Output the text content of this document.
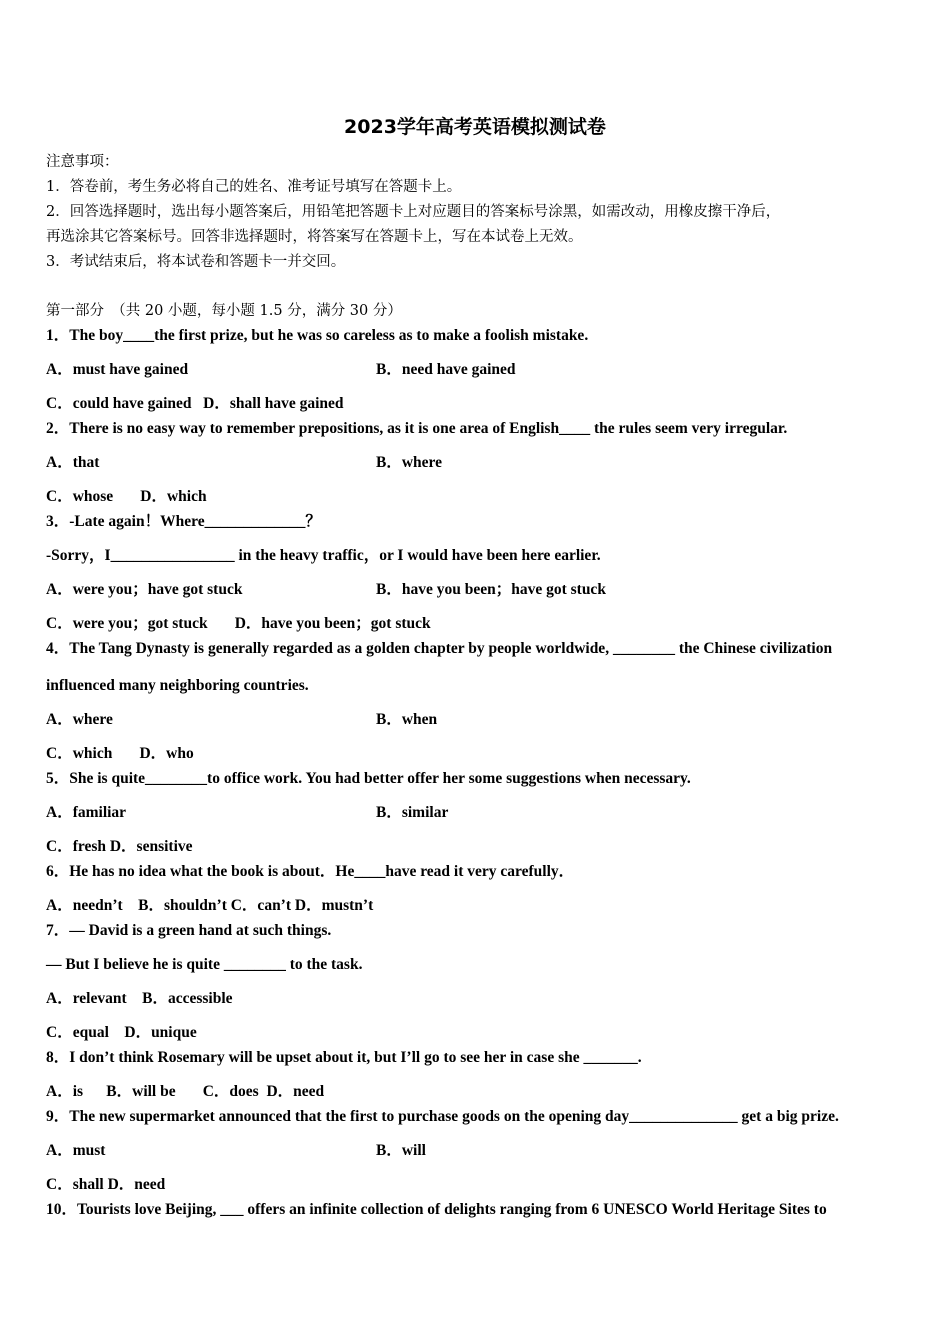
2023学年高考英语模拟测试卷
注意事项：
1．答卷前，考生务必将自己的姓名、准考证号填写在答题卡上。
2．回答选择题时，选出每小题答案后，用铅笔把答题卡上对应题目的答案标号涂黑，如需改动，用橡皮擦干净后，
再选涂其它答案标号。回答非选择题时，将答案写在答题卡上，写在本试卷上无效。
3．考试结束后，将本试卷和答题卡一并交回。
第一部分　（共 20 小题，每小题 1.5 分，满分 30 分）
1．The boy____the first prize, but he was so careless as to make a foolish mistake.
A．must have gained	B．need have gained
C．could have gained   D．shall have gained
2．There is no easy way to remember prepositions, as it is one area of English____ the rules seem very irregular.
A．that	B．where
C．whose       D．which
3．-Late again！Where_____________？
-Sorry，I________________ in the heavy traffic，or I would have been here earlier.
A．were you；have got stuck	B．have you been；have got stuck
C．were you；got stuck       D．have you been；got stuck
4．The Tang Dynasty is generally regarded as a golden chapter by people worldwide, ________ the Chinese civilization
influenced many neighboring countries.
A．where	B．when
C．which       D．who
5．She is quite________to office work. You had better offer her some suggestions when necessary.
A．familiar	B．similar
C．fresh D．sensitive
6．He has no idea what the book is about．He____have read it very carefully．
A．needn’t    B．shouldn’t C．can’t D．mustn’t
7．— David is a green hand at such things.
— But I believe he is quite ________ to the task.
A．relevant    B．accessible
C．equal    D．unique
8．I don’t think Rosemary will be upset about it, but I’ll go to see her in case she _______.
A．is      B．will be       C．does  D．need
9．The new supermarket announced that the first to purchase goods on the opening day______________ get a big prize.
A．must	B．will
C．shall D．need
10．Tourists love Beijing, ___ offers an infinite collection of delights ranging from 6 UNESCO World Heritage Sites to
